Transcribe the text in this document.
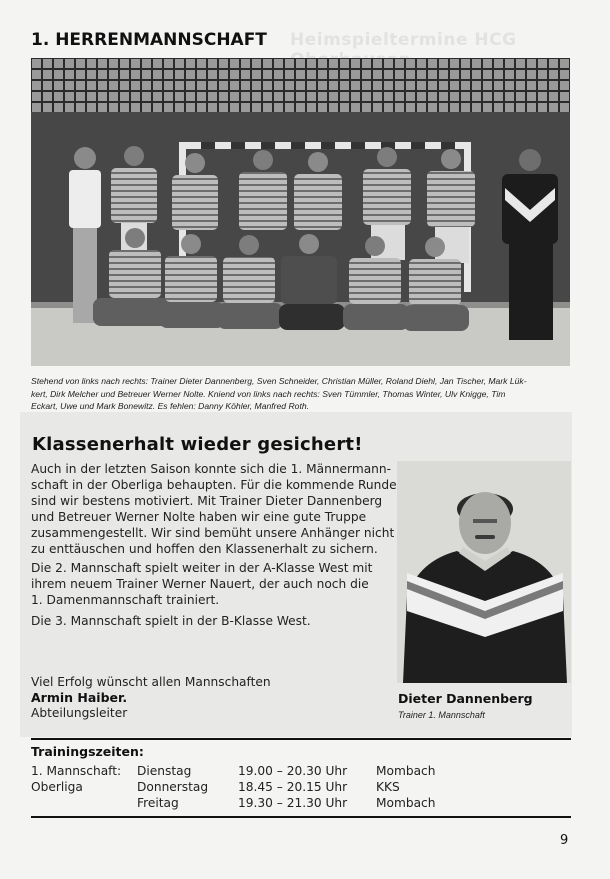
Heimspieltermine HCG
1. HERRENMANNSCHAFT
Stehend von links nach rechts: Trainer Dieter Dannenberg, Sven Schneider, Christian Müller, Roland Diehl, Jan Tischer, Mark Lük-
kert, Dirk Melcher und Betreuer Werner Nolte. Kniend von links nach rechts: Sven Tümmler, Thomas Winter, Ulv Knigge, Tim
Eckart, Uwe und Mark Bonewitz. Es fehlen: Danny Köhler, Manfred Roth.
Klassenerhalt wieder gesichert!
Auch in der letzten Saison konnte sich die 1. Männermann-
schaft in der Oberliga behaupten. Für die kommende Runde
sind wir bestens motiviert. Mit Trainer Dieter Dannenberg
und Betreuer Werner Nolte haben wir eine gute Truppe
zusammengestellt. Wir sind bemüht unsere Anhänger nicht
zu enttäuschen und hoffen den Klassenerhalt zu sichern.
Die 2. Mannschaft spielt weiter in der A-Klasse West mit
ihrem neuem Trainer Werner Nauert, der auch noch die
1. Damenmannschaft trainiert.
Die 3. Mannschaft spielt in der B-Klasse West.
Dieter Dannenberg
Trainer 1. Mannschaft
Viel Erfolg wünscht allen Mannschaften
Armin Haiber.
Abteilungsleiter
Trainingszeiten:
1. Mannschaft: Dienstag	19.00 – 20.30 Uhr Mombach
Oberliga	Donnerstag 18.45 – 20.15 Uhr KKS
Freitag	19.30 – 21.30 Uhr Mombach
9
